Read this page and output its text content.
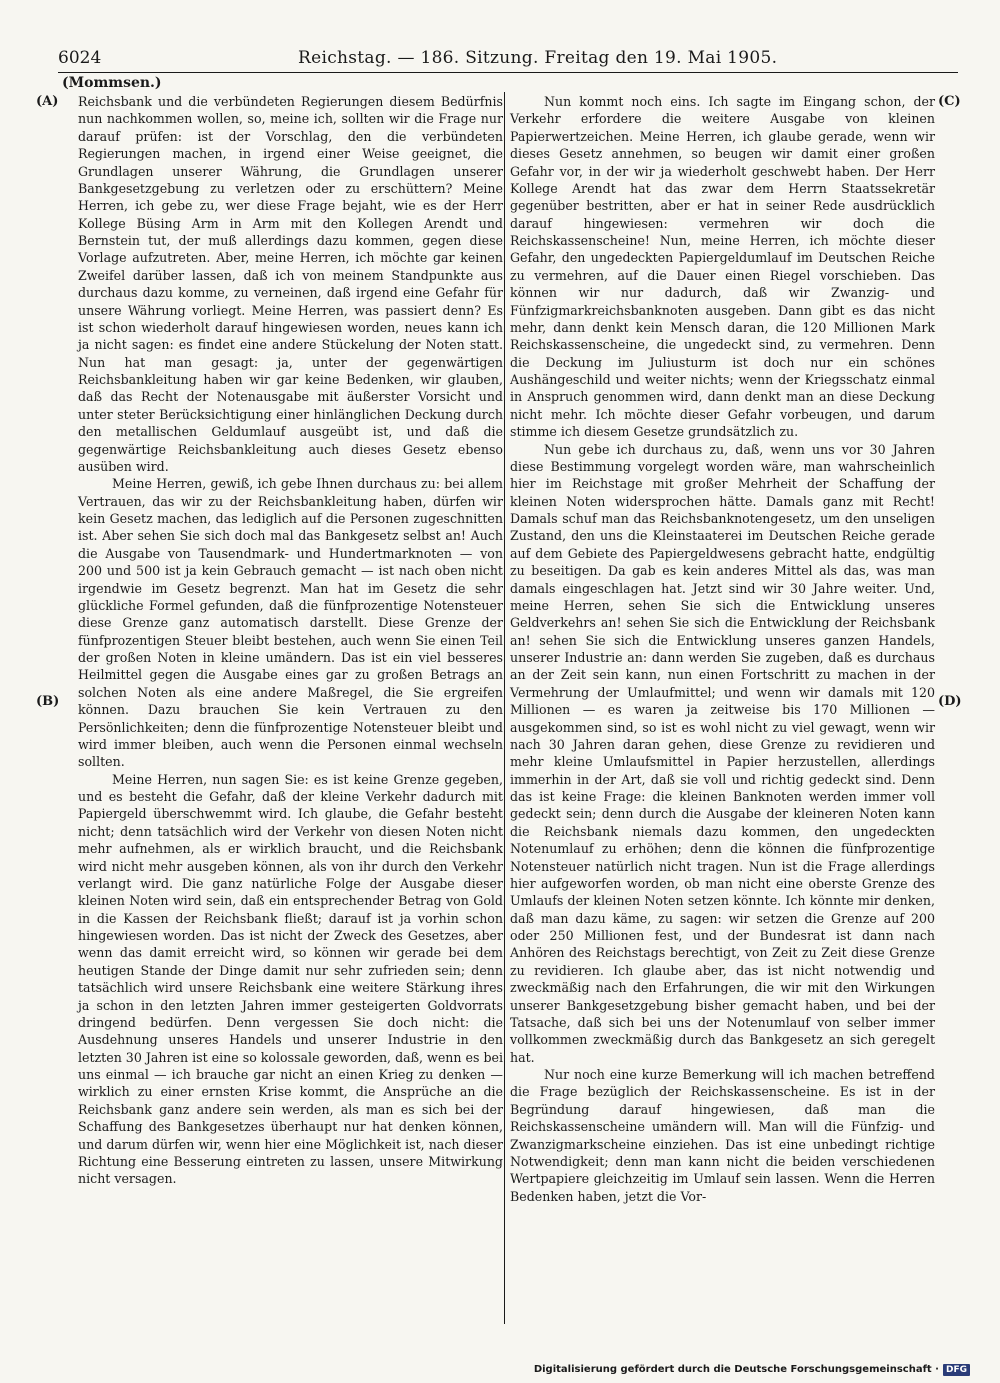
6024	Reichstag. — 186. Sitzung. Freitag den 19. Mai 1905.
(Mommsen.)
(A)
(B)
(C)
(D)

Reichsbank und die verbündeten Regierungen diesem Bedürfnis nun nachkommen wollen, so, meine ich, sollten wir die Frage nur darauf prüfen: ist der Vorschlag, den die verbündeten Regierungen machen, in irgend einer Weise geeignet, die Grundlagen unserer Währung, die Grundlagen unserer Bankgesetzgebung zu verletzen oder zu erschüttern? Meine Herren, ich gebe zu, wer diese Frage bejaht, wie es der Herr Kollege Büsing Arm in Arm mit den Kollegen Arendt und Bernstein tut, der muß allerdings dazu kommen, gegen diese Vorlage aufzutreten. Aber, meine Herren, ich möchte gar keinen Zweifel darüber lassen, daß ich von meinem Standpunkte aus durchaus dazu komme, zu verneinen, daß irgend eine Gefahr für unsere Währung vorliegt. Meine Herren, was passiert denn? Es ist schon wiederholt darauf hingewiesen worden, neues kann ich ja nicht sagen: es findet eine andere Stückelung der Noten statt. Nun hat man gesagt: ja, unter der gegenwärtigen Reichsbankleitung haben wir gar keine Bedenken, wir glauben, daß das Recht der Notenausgabe mit äußerster Vorsicht und unter steter Berücksichtigung einer hinlänglichen Deckung durch den metallischen Geldumlauf ausgeübt ist, und daß die gegenwärtige Reichsbankleitung auch dieses Gesetz ebenso ausüben wird.

Meine Herren, gewiß, ich gebe Ihnen durchaus zu: bei allem Vertrauen, das wir zu der Reichsbankleitung haben, dürfen wir kein Gesetz machen, das lediglich auf die Personen zugeschnitten ist. Aber sehen Sie sich doch mal das Bankgesetz selbst an! Auch die Ausgabe von Tausendmark- und Hundertmarknoten — von 200 und 500 ist ja kein Gebrauch gemacht — ist nach oben nicht irgendwie im Gesetz begrenzt. Man hat im Gesetz die sehr glückliche Formel gefunden, daß die fünfprozentige Notensteuer diese Grenze ganz automatisch darstellt. Diese Grenze der fünfprozentigen Steuer bleibt bestehen, auch wenn Sie einen Teil der großen Noten in kleine umändern. Das ist ein viel besseres Heilmittel gegen die Ausgabe eines gar zu großen Betrags an solchen Noten als eine andere Maßregel, die Sie ergreifen können. Dazu brauchen Sie kein Vertrauen zu den Persönlichkeiten; denn die fünfprozentige Notensteuer bleibt und wird immer bleiben, auch wenn die Personen einmal wechseln sollten.

Meine Herren, nun sagen Sie: es ist keine Grenze gegeben, und es besteht die Gefahr, daß der kleine Verkehr dadurch mit Papiergeld überschwemmt wird. Ich glaube, die Gefahr besteht nicht; denn tatsächlich wird der Verkehr von diesen Noten nicht mehr aufnehmen, als er wirklich braucht, und die Reichsbank wird nicht mehr ausgeben können, als von ihr durch den Verkehr verlangt wird. Die ganz natürliche Folge der Ausgabe dieser kleinen Noten wird sein, daß ein entsprechender Betrag von Gold in die Kassen der Reichsbank fließt; darauf ist ja vorhin schon hingewiesen worden. Das ist nicht der Zweck des Gesetzes, aber wenn das damit erreicht wird, so können wir gerade bei dem heutigen Stande der Dinge damit nur sehr zufrieden sein; denn tatsächlich wird unsere Reichsbank eine weitere Stärkung ihres ja schon in den letzten Jahren immer gesteigerten Goldvorrats dringend bedürfen. Denn vergessen Sie doch nicht: die Ausdehnung unseres Handels und unserer Industrie in den letzten 30 Jahren ist eine so kolossale geworden, daß, wenn es bei uns einmal — ich brauche gar nicht an einen Krieg zu denken — wirklich zu einer ernsten Krise kommt, die Ansprüche an die Reichsbank ganz andere sein werden, als man es sich bei der Schaffung des Bankgesetzes überhaupt nur hat denken können, und darum dürfen wir, wenn hier eine Möglichkeit ist, nach dieser Richtung eine Besserung eintreten zu lassen, unsere Mitwirkung nicht versagen.

Nun kommt noch eins. Ich sagte im Eingang schon, der Verkehr erfordere die weitere Ausgabe von kleinen Papierwertzeichen. Meine Herren, ich glaube gerade, wenn wir dieses Gesetz annehmen, so beugen wir damit einer großen Gefahr vor, in der wir ja wiederholt geschwebt haben. Der Herr Kollege Arendt hat das zwar dem Herrn Staatssekretär gegenüber bestritten, aber er hat in seiner Rede ausdrücklich darauf hingewiesen: vermehren wir doch die Reichskassenscheine! Nun, meine Herren, ich möchte dieser Gefahr, den ungedeckten Papiergeldumlauf im Deutschen Reiche zu vermehren, auf die Dauer einen Riegel vorschieben. Das können wir nur dadurch, daß wir Zwanzig- und Fünfzigmarkreichsbanknoten ausgeben. Dann gibt es das nicht mehr, dann denkt kein Mensch daran, die 120 Millionen Mark Reichskassenscheine, die ungedeckt sind, zu vermehren. Denn die Deckung im Juliusturm ist doch nur ein schönes Aushängeschild und weiter nichts; wenn der Kriegsschatz einmal in Anspruch genommen wird, dann denkt man an diese Deckung nicht mehr. Ich möchte dieser Gefahr vorbeugen, und darum stimme ich diesem Gesetze grundsätzlich zu.

Nun gebe ich durchaus zu, daß, wenn uns vor 30 Jahren diese Bestimmung vorgelegt worden wäre, man wahrscheinlich hier im Reichstage mit großer Mehrheit der Schaffung der kleinen Noten widersprochen hätte. Damals ganz mit Recht! Damals schuf man das Reichsbanknotengesetz, um den unseligen Zustand, den uns die Kleinstaaterei im Deutschen Reiche gerade auf dem Gebiete des Papiergeldwesens gebracht hatte, endgültig zu beseitigen. Da gab es kein anderes Mittel als das, was man damals eingeschlagen hat. Jetzt sind wir 30 Jahre weiter. Und, meine Herren, sehen Sie sich die Entwicklung unseres Geldverkehrs an! sehen Sie sich die Entwicklung der Reichsbank an! sehen Sie sich die Entwicklung unseres ganzen Handels, unserer Industrie an: dann werden Sie zugeben, daß es durchaus an der Zeit sein kann, nun einen Fortschritt zu machen in der Vermehrung der Umlaufmittel; und wenn wir damals mit 120 Millionen — es waren ja zeitweise bis 170 Millionen — ausgekommen sind, so ist es wohl nicht zu viel gewagt, wenn wir nach 30 Jahren daran gehen, diese Grenze zu revidieren und mehr kleine Umlaufsmittel in Papier herzustellen, allerdings immerhin in der Art, daß sie voll und richtig gedeckt sind. Denn das ist keine Frage: die kleinen Banknoten werden immer voll gedeckt sein; denn durch die Ausgabe der kleineren Noten kann die Reichsbank niemals dazu kommen, den ungedeckten Notenumlauf zu erhöhen; denn die können die fünfprozentige Notensteuer natürlich nicht tragen. Nun ist die Frage allerdings hier aufgeworfen worden, ob man nicht eine oberste Grenze des Umlaufs der kleinen Noten setzen könnte. Ich könnte mir denken, daß man dazu käme, zu sagen: wir setzen die Grenze auf 200 oder 250 Millionen fest, und der Bundesrat ist dann nach Anhören des Reichstags berechtigt, von Zeit zu Zeit diese Grenze zu revidieren. Ich glaube aber, das ist nicht notwendig und zweckmäßig nach den Erfahrungen, die wir mit den Wirkungen unserer Bankgesetzgebung bisher gemacht haben, und bei der Tatsache, daß sich bei uns der Notenumlauf von selber immer vollkommen zweckmäßig durch das Bankgesetz an sich geregelt hat.

Nur noch eine kurze Bemerkung will ich machen betreffend die Frage bezüglich der Reichskassenscheine. Es ist in der Begründung darauf hingewiesen, daß man die Reichskassenscheine umändern will. Man will die Fünfzig- und Zwanzigmarkscheine einziehen. Das ist eine unbedingt richtige Notwendigkeit; denn man kann nicht die beiden verschiedenen Wertpapiere gleichzeitig im Umlauf sein lassen. Wenn die Herren Bedenken haben, jetzt die Vor-

Digitalisierung gefördert durch die Deutsche Forschungsgemeinschaft · DFG
